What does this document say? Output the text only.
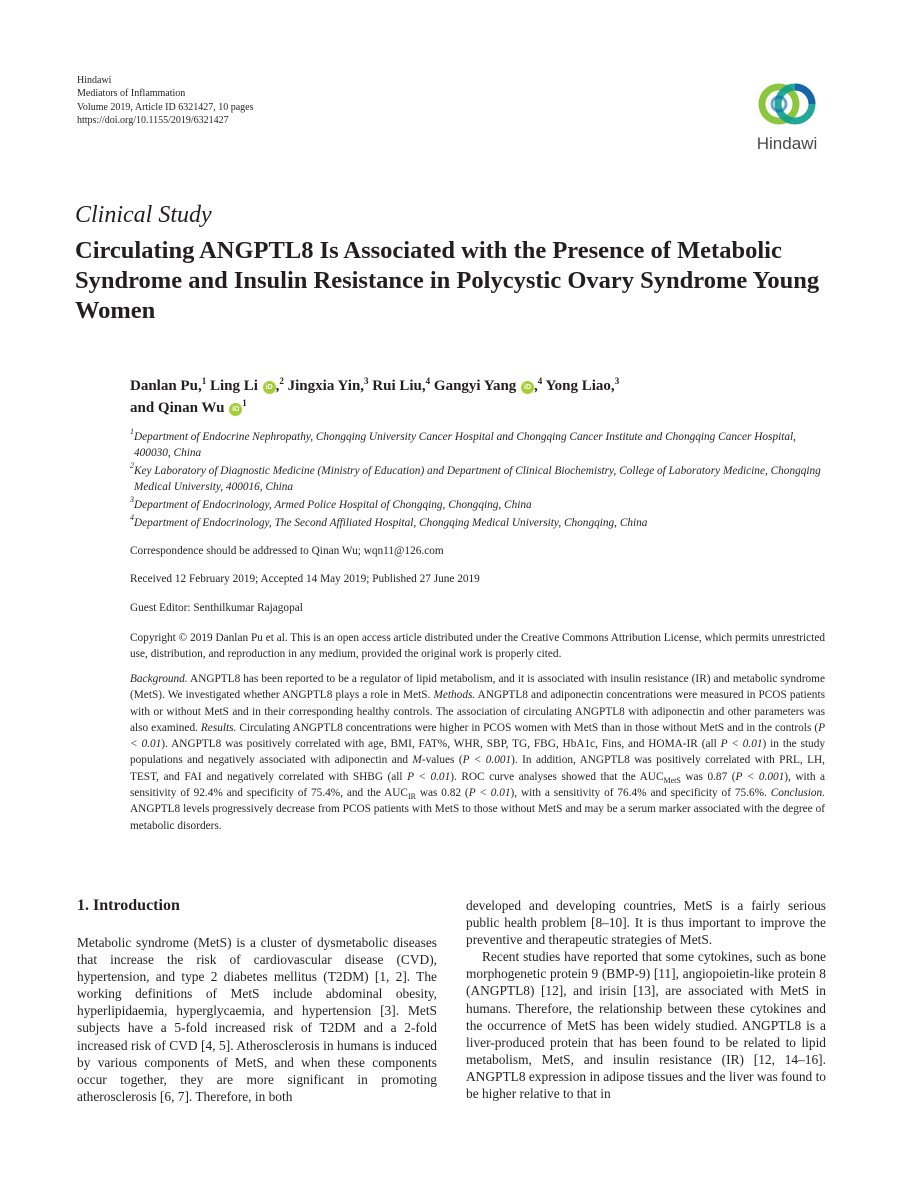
Hindawi
Mediators of Inflammation
Volume 2019, Article ID 6321427, 10 pages
https://doi.org/10.1155/2019/6321427
Hindawi
Clinical Study
Circulating ANGPTL8 Is Associated with the Presence of Metabolic Syndrome and Insulin Resistance in Polycystic Ovary Syndrome Young Women
Danlan Pu,$^1$ Ling Li iD ,$^2$ Jingxia Yin,$^3$ Rui Liu,$^4$ Gangyi Yang iD ,$^4$ Yong Liao,$^3$
and Qinan Wu $iD^1$
$^1$Department of Endocrine Nephropathy, Chongqing University Cancer Hospital and Chongqing Cancer Institute and Chongqing Cancer Hospital, 400030, China
$^2$Key Laboratory of Diagnostic Medicine (Ministry of Education) and Department of Clinical Biochemistry, College of Laboratory Medicine, Chongqing Medical University, 400016, China
$^3$Department of Endocrinology, Armed Police Hospital of Chongqing, Chongqing, China
$^4$Department of Endocrinology, The Second Affiliated Hospital, Chongqing Medical University, Chongqing, China
Correspondence should be addressed to Qinan Wu; wqn11@126.com
Received 12 February 2019; Accepted 14 May 2019; Published 27 June 2019
Guest Editor: Senthilkumar Rajagopal
Copyright © 2019 Danlan Pu et al. This is an open access article distributed under the Creative Commons Attribution License, which permits unrestricted use, distribution, and reproduction in any medium, provided the original work is properly cited.
Background. ANGPTL8 has been reported to be a regulator of lipid metabolism, and it is associated with insulin resistance (IR) and metabolic syndrome (MetS). We investigated whether ANGPTL8 plays a role in MetS. Methods. ANGPTL8 and adiponectin concentrations were measured in PCOS patients with or without MetS and in their corresponding healthy controls. The association of circulating ANGPTL8 with adiponectin and other parameters was also examined. Results. Circulating ANGPTL8 concentrations were higher in PCOS women with MetS than in those without MetS and in the controls (P < 0.01). ANGPTL8 was positively correlated with age, BMI, FAT%, WHR, SBP, TG, FBG, HbA1c, Fins, and HOMA-IR (all P < 0.01) in the study populations and negatively associated with adiponectin and M-values (P < 0.001). In addition, ANGPTL8 was positively correlated with PRL, LH, TEST, and FAI and negatively correlated with SHBG (all P < 0.01). ROC curve analyses showed that the $AUC_{MetS}$ was 0.87 (P < 0.001), with a sensitivity of 92.4% and specificity of 75.4%, and the $AUC_{IR}$ was 0.82 (P < 0.01), with a sensitivity of 76.4% and specificity of 75.6%. Conclusion. ANGPTL8 levels progressively decrease from PCOS patients with MetS to those without MetS and may be a serum marker associated with the degree of metabolic disorders.
1. Introduction

Metabolic syndrome (MetS) is a cluster of dysmetabolic diseases that increase the risk of cardiovascular disease (CVD), hypertension, and type 2 diabetes mellitus (T2DM) [1, 2]. The working definitions of MetS include abdominal obesity, hyperlipidaemia, hyperglycaemia, and hypertension [3]. MetS subjects have a 5-fold increased risk of T2DM and a 2-fold increased risk of CVD [4, 5]. Atherosclerosis in humans is induced by various components of MetS, and when these components occur together, they are more significant in promoting atherosclerosis [6, 7]. Therefore, in both

developed and developing countries, MetS is a fairly serious public health problem [8–10]. It is thus important to improve the preventive and therapeutic strategies of MetS.

Recent studies have reported that some cytokines, such as bone morphogenetic protein 9 (BMP-9) [11], angiopoietin-like protein 8 (ANGPTL8) [12], and irisin [13], are associated with MetS in humans. Therefore, the relationship between these cytokines and the occurrence of MetS has been widely studied. ANGPTL8 is a liver-produced protein that has been found to be related to lipid metabolism, MetS, and insulin resistance (IR) [12, 14–16]. ANGPTL8 expression in adipose tissues and the liver was found to be higher relative to that in
